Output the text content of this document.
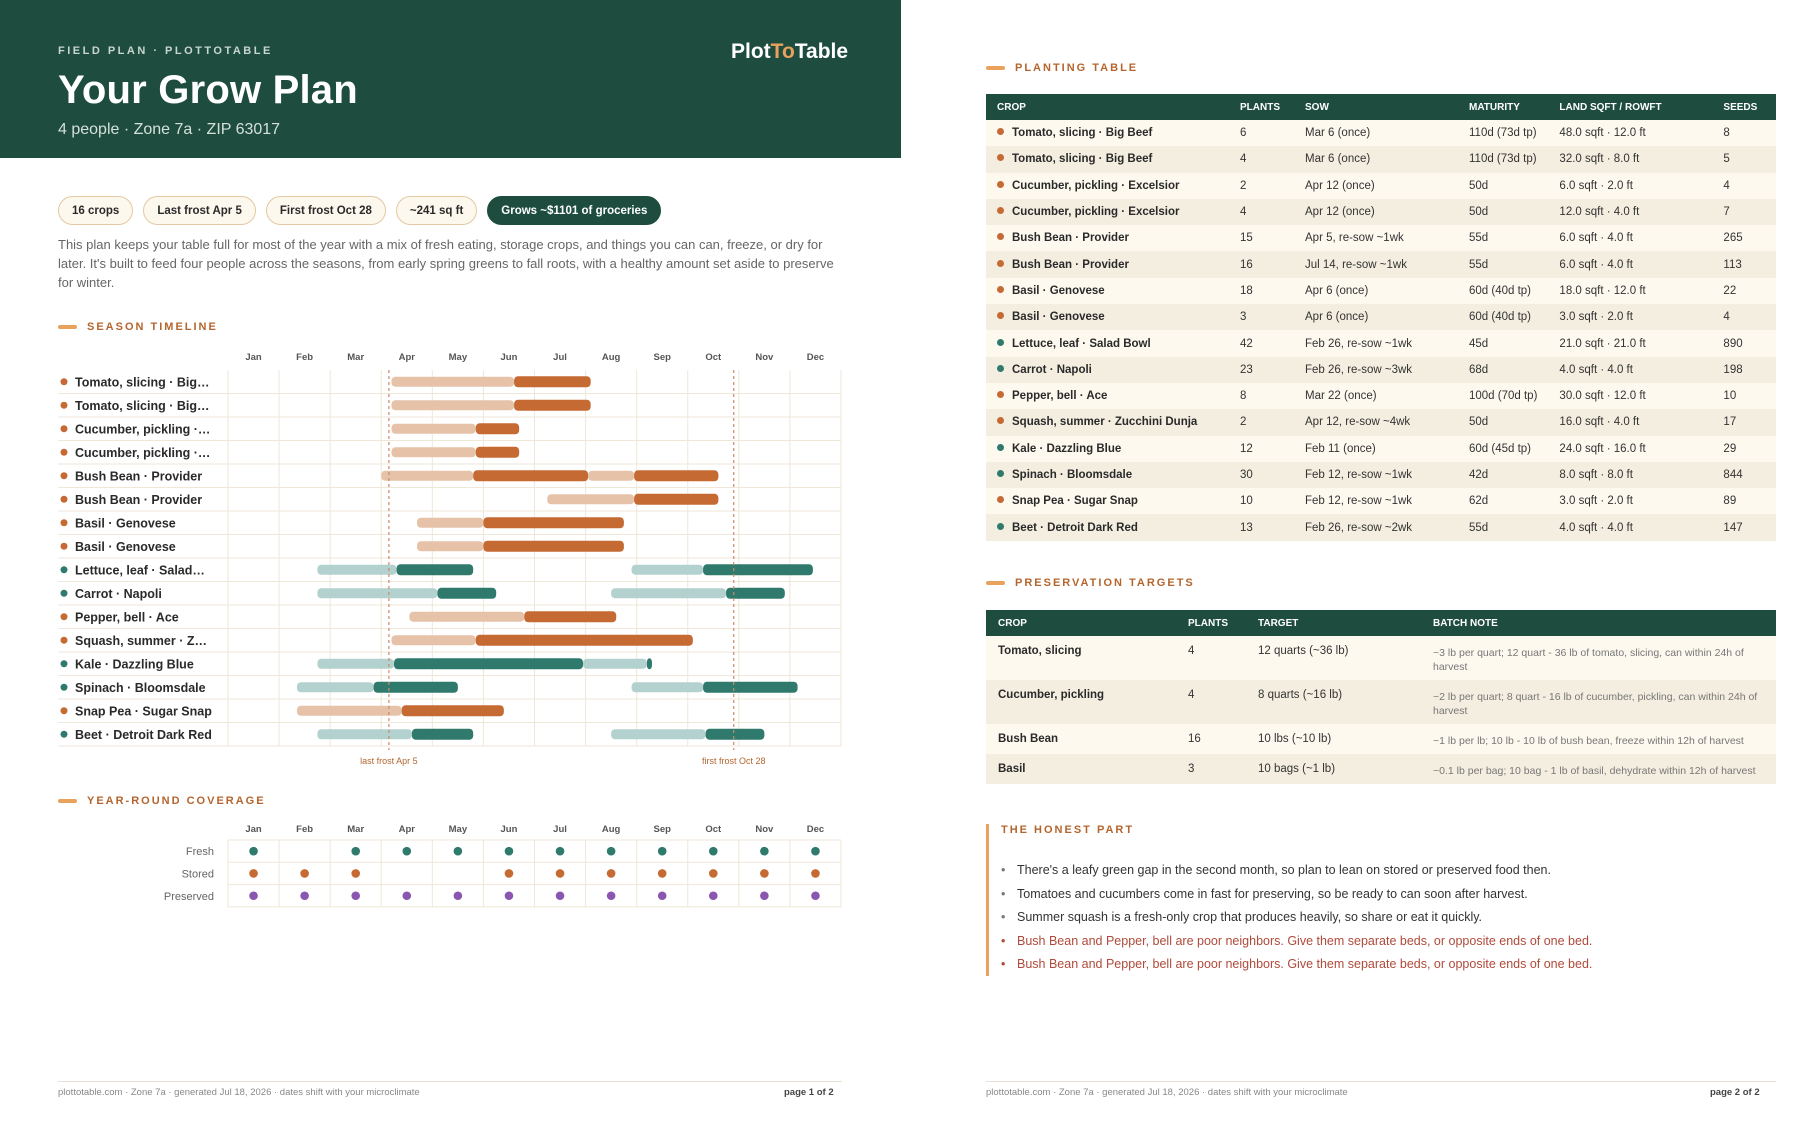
FIELD PLAN · PLOTTOTABLE
Your Grow Plan
4 people · Zone 7a · ZIP 63017
PlotToTable
16 crops	Last frost Apr 5	First frost Oct 28	~241 sq ft	Grows ~$1101 of groceries
This plan keeps your table full for most of the year with a mix of fresh eating, storage crops, and things you can can, freeze, or dry for later. It's built to feed four people across the seasons, from early spring greens to fall roots, with a healthy amount set aside to preserve for winter.
SEASON TIMELINE
Jan	Feb	Mar	Apr	May	Jun	Jul	Aug	Sep	Oct	Nov	Dec
Tomato, slicing · Big…
Tomato, slicing · Big…
Cucumber, pickling ·…
Cucumber, pickling ·…
Bush Bean · Provider
Bush Bean · Provider
Basil · Genovese
Basil · Genovese
Lettuce, leaf · Salad…
Carrot · Napoli
Pepper, bell · Ace
Squash, summer · Z…
Kale · Dazzling Blue
Spinach · Bloomsdale
Snap Pea · Sugar Snap
Beet · Detroit Dark Red
last frost Apr 5	first frost Oct 28
YEAR-ROUND COVERAGE
Jan	Feb	Mar	Apr	May	Jun	Jul	Aug	Sep	Oct	Nov	Dec
Fresh
Stored
Preserved
plottotable.com · Zone 7a · generated Jul 18, 2026 · dates shift with your microclimate	page 1 of 2
PLANTING TABLE
CROP	PLANTS	SOW	MATURITY	LAND SQFT / ROWFT	SEEDS
Tomato, slicing · Big Beef	6	Mar 6 (once)	110d (73d tp)	48.0 sqft · 12.0 ft	8
Tomato, slicing · Big Beef	4	Mar 6 (once)	110d (73d tp)	32.0 sqft · 8.0 ft	5
Cucumber, pickling · Excelsior	2	Apr 12 (once)	50d	6.0 sqft · 2.0 ft	4
Cucumber, pickling · Excelsior	4	Apr 12 (once)	50d	12.0 sqft · 4.0 ft	7
Bush Bean · Provider	15	Apr 5, re-sow ~1wk	55d	6.0 sqft · 4.0 ft	265
Bush Bean · Provider	16	Jul 14, re-sow ~1wk	55d	6.0 sqft · 4.0 ft	113
Basil · Genovese	18	Apr 6 (once)	60d (40d tp)	18.0 sqft · 12.0 ft	22
Basil · Genovese	3	Apr 6 (once)	60d (40d tp)	3.0 sqft · 2.0 ft	4
Lettuce, leaf · Salad Bowl	42	Feb 26, re-sow ~1wk	45d	21.0 sqft · 21.0 ft	890
Carrot · Napoli	23	Feb 26, re-sow ~3wk	68d	4.0 sqft · 4.0 ft	198
Pepper, bell · Ace	8	Mar 22 (once)	100d (70d tp)	30.0 sqft · 12.0 ft	10
Squash, summer · Zucchini Dunja	2	Apr 12, re-sow ~4wk	50d	16.0 sqft · 4.0 ft	17
Kale · Dazzling Blue	12	Feb 11 (once)	60d (45d tp)	24.0 sqft · 16.0 ft	29
Spinach · Bloomsdale	30	Feb 12, re-sow ~1wk	42d	8.0 sqft · 8.0 ft	844
Snap Pea · Sugar Snap	10	Feb 12, re-sow ~1wk	62d	3.0 sqft · 2.0 ft	89
Beet · Detroit Dark Red	13	Feb 26, re-sow ~2wk	55d	4.0 sqft · 4.0 ft	147
PRESERVATION TARGETS
CROP	PLANTS	TARGET	BATCH NOTE
Tomato, slicing	4	12 quarts (~36 lb)	~3 lb per quart; 12 quart - 36 lb of tomato, slicing, can within 24h of harvest
Cucumber, pickling	4	8 quarts (~16 lb)	~2 lb per quart; 8 quart - 16 lb of cucumber, pickling, can within 24h of harvest
Bush Bean	16	10 lbs (~10 lb)	~1 lb per lb; 10 lb - 10 lb of bush bean, freeze within 12h of harvest
Basil	3	10 bags (~1 lb)	~0.1 lb per bag; 10 bag - 1 lb of basil, dehydrate within 12h of harvest
THE HONEST PART
• There's a leafy green gap in the second month, so plan to lean on stored or preserved food then.
• Tomatoes and cucumbers come in fast for preserving, so be ready to can soon after harvest.
• Summer squash is a fresh-only crop that produces heavily, so share or eat it quickly.
• Bush Bean and Pepper, bell are poor neighbors. Give them separate beds, or opposite ends of one bed.
• Bush Bean and Pepper, bell are poor neighbors. Give them separate beds, or opposite ends of one bed.
plottotable.com · Zone 7a · generated Jul 18, 2026 · dates shift with your microclimate	page 2 of 2
